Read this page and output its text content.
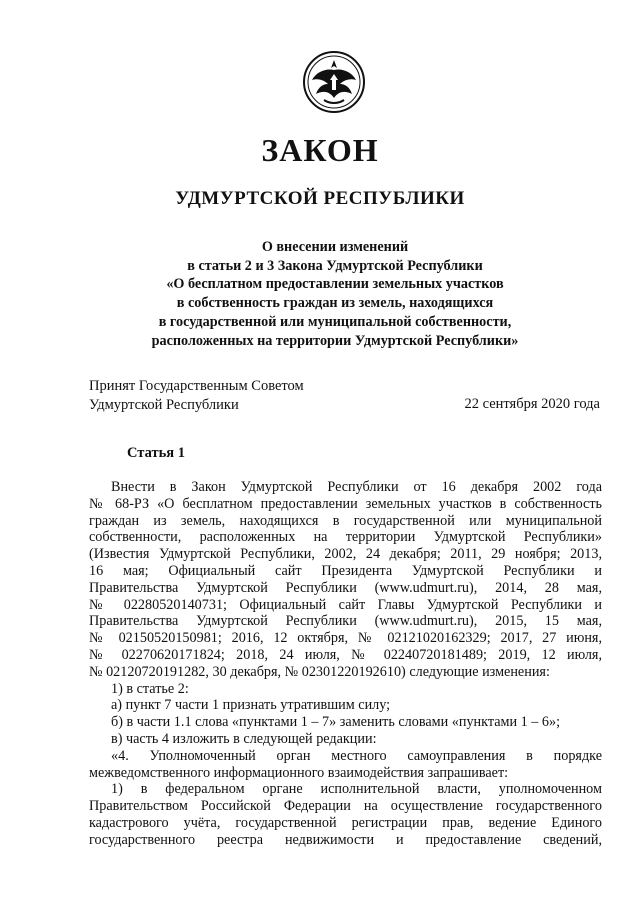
ЗАКОН
УДМУРТСКОЙ РЕСПУБЛИКИ
О внесении изменений
в статьи 2 и 3 Закона Удмуртской Республики
«О бесплатном предоставлении земельных участков
в собственность граждан из земель, находящихся
в государственной или муниципальной собственности,
расположенных на территории Удмуртской Республики»
Принят Государственным Советом
Удмуртской Республики	22 сентября 2020 года
Статья 1

Внести в Закон Удмуртской Республики от 16 декабря 2002 года

№ 68-РЗ «О бесплатном предоставлении земельных участков в собственность

граждан из земель, находящихся в государственной или муниципальной

собственности, расположенных на территории Удмуртской Республики»

(Известия Удмуртской Республики, 2002, 24 декабря; 2011, 29 ноября; 2013,

16 мая; Официальный сайт Президента Удмуртской Республики и

Правительства Удмуртской Республики (www.udmurt.ru), 2014, 28 мая,

№ 02280520140731; Официальный сайт Главы Удмуртской Республики и

Правительства Удмуртской Республики (www.udmurt.ru), 2015, 15 мая,

№ 02150520150981; 2016, 12 октября, № 02121020162329; 2017, 27 июня,

№ 02270620171824; 2018, 24 июля, № 02240720181489; 2019, 12 июля,

№ 02120720191282, 30 декабря, № 02301220192610) следующие изменения:

1) в статье 2:

а) пункт 7 части 1 признать утратившим силу;

б) в части 1.1 слова «пунктами 1 – 7» заменить словами «пунктами 1 – 6»;

в) часть 4 изложить в следующей редакции:

«4. Уполномоченный орган местного самоуправления в порядке

межведомственного информационного взаимодействия запрашивает:

1) в федеральном органе исполнительной власти, уполномоченном

Правительством Российской Федерации на осуществление государственного

кадастрового учёта, государственной регистрации прав, ведение Единого

государственного реестра недвижимости и предоставление сведений,
